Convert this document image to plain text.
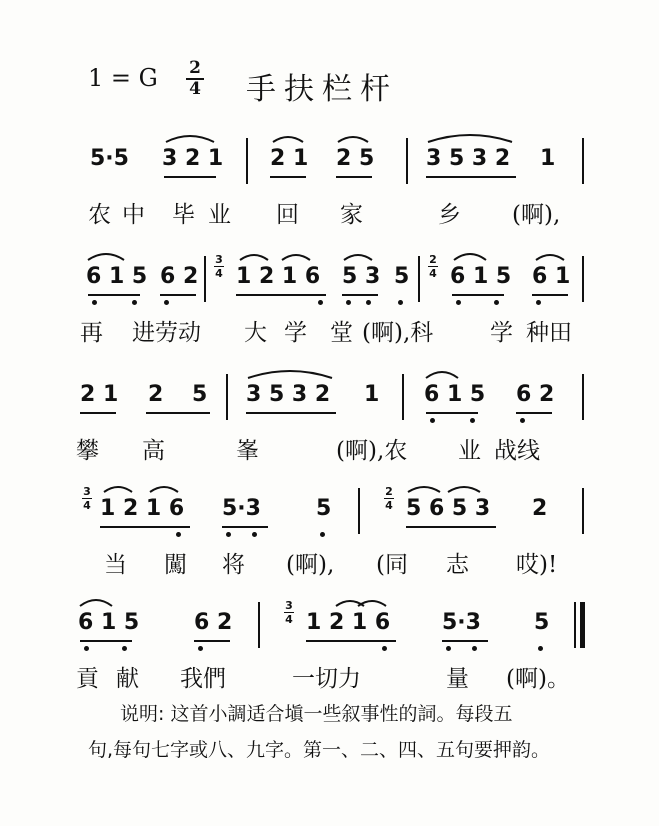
1 = G 2
4 手扶栏杆
5·5 3 2 1 2 1 2 5 3 5 3 2 1
农 中 毕 业 回 家	乡 (啊),
6 1 5 6 2
3
4 1 2 1 6 5 3 5
2
4 6 1 5 6 1
再 进劳动 大 学 堂 (啊),科 学 种田
2 1 2 5 3 5 3 2 1 6 1 5 6 2
攀 高	峯	(啊),农 业 战线
3
4 1 2 1 6 5·3	5
2
4 5 6 5 3 2
当 闖 将 (啊), (同 志 哎)!
6 1 5 6 2
3
4 1 2 1 6 5·3 5
貢 献 我們	一切力	量 (啊)。

说明: 这首小調适合塡一些叙事性的詞。每段五

句,每句七字或八、九字。第一、二、四、五句要押韵。
